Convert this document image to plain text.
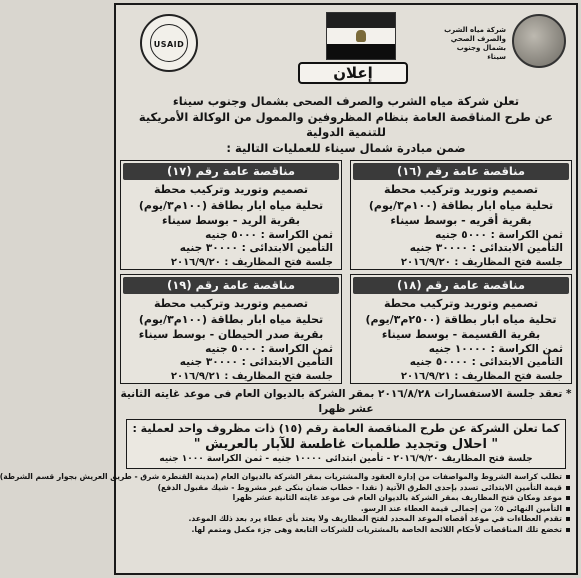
USAID
شركة مياه الشرب والصرف الصحي بشمال وجنوب سيناء
إعلان
تعلن شركة مياه الشرب والصرف الصحى بشمال وجنوب سيناء
عن طرح المناقصة العامة بنظام المظروفين والممول من الوكالة الأمريكية للتنمية الدولية
ضمن مبادرة شمال سيناء للعمليات التالية :
مناقصة عامة رقم (١٦)
تصميم وتوريد وتركيب محطة
تحلية مياه ابار بطاقة (١٠٠م٣/يوم)
بقرية أقريه - بوسط سيناء
ثمن الكراسة : ٥٠٠٠ جنيه
التأمين الابتدائى : ٣٠٠٠٠ جنيه
جلسة فتح المظاريف : ٢٠١٦/٩/٢٠
مناقصة عامة رقم (١٧)
تصميم وتوريد وتركيب محطة
تحلية مياه ابار بطاقة (١٠٠م٣/يوم)
بقرية الريد - بوسط سيناء
ثمن الكراسة : ٥٠٠٠ جنيه
التأمين الابتدائى : ٣٠٠٠٠ جنيه
جلسة فتح المظاريف : ٢٠١٦/٩/٢٠
مناقصة عامة رقم (١٨)
تصميم وتوريد وتركيب محطة
تحلية مياه ابار بطاقة (٢٥٠٠م٣/يوم)
بقرية القسيمة - بوسط سيناء
ثمن الكراسة : ١٠٠٠٠ جنيه
التأمين الابتدائى : ٥٠٠٠٠ جنيه
جلسة فتح المظاريف : ٢٠١٦/٩/٢١
مناقصة عامة رقم (١٩)
تصميم وتوريد وتركيب محطة
تحلية مياه ابار بطاقة (١٠٠م٣/يوم)
بقرية صدر الحيطان - بوسط سيناء
ثمن الكراسة : ٥٠٠٠ جنيه
التأمين الابتدائى : ٣٠٠٠٠ جنيه
جلسة فتح المظاريف : ٢٠١٦/٩/٢١
* تعقد جلسة الاستفسارات ٢٠١٦/٨/٢٨ بمقر الشركة بالديوان العام فى موعد غايته الثانية عشر ظهرا
كما تعلن الشركة عن طرح المناقصة العامة رقم (١٥) ذات مظروف واحد لعملية :
" احلال وتجديد طلمبات غاطسة للآبار بالعريش "
جلسة فتح المظاريف ٢٠١٦/٩/٢٠ - تأمين ابتدائى ١٠٠٠٠ جنيه - ثمن الكراسة ١٠٠٠ جنيه
تطلب كراسة الشروط والمواصفات من إدارة العقود والمشتريات بمقر الشركة بالديوان العام (مدينة القنطرة شرق - طريق العريش بجوار قسم الشرطة)
قيمة التأمين الابتدائى تسدد بإحدى الطرق الآتية ( نقدا - خطاب ضمان بنكى غير مشروط - شيك مقبول الدفع)
موعد ومكان فتح المظاريف بمقر الشركة بالديوان العام فى موعد غايته الثانية عشر ظهرا
التأمين النهائى ٥٪ من إجمالى قيمة العطاء عند الرسو.
تقدم العطاءات في موعد أقصاه الموعد المحدد لفتح المظاريف ولا يعتد بأى عطاء يرد بعد ذلك الموعد.
تخضع تلك المناقصات لأحكام اللائحة الخاصة بالمشتريات للشركات التابعة وهى جزء مكمل ومتمم لها.
